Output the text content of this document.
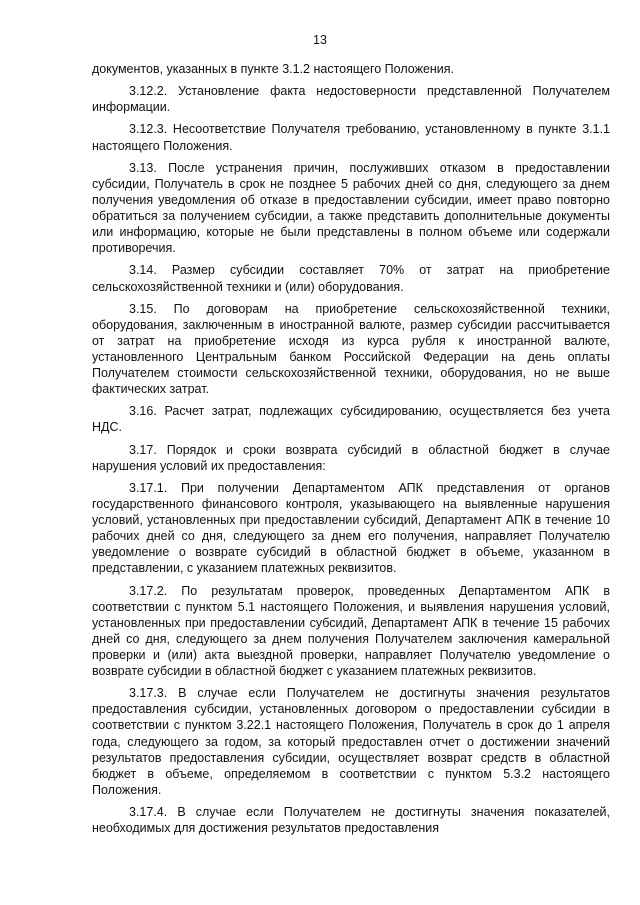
13

документов, указанных в пункте 3.1.2 настоящего Положения.

3.12.2. Установление факта недостоверности представленной Получателем информации.

3.12.3. Несоответствие Получателя требованию, установленному в пункте 3.1.1 настоящего Положения.

3.13. После устранения причин, послуживших отказом в предоставлении субсидии, Получатель в срок не позднее 5 рабочих дней со дня, следующего за днем получения уведомления об отказе в предоставлении субсидии, имеет право повторно обратиться за получением субсидии, а также представить дополнительные документы или информацию, которые не были представлены в полном объеме или содержали противоречия.

3.14. Размер субсидии составляет 70% от затрат на приобретение сельскохозяйственной техники и (или) оборудования.

3.15. По договорам на приобретение сельскохозяйственной техники, оборудования, заключенным в иностранной валюте, размер субсидии рассчитывается от затрат на приобретение исходя из курса рубля к иностранной валюте, установленного Центральным банком Российской Федерации на день оплаты Получателем стоимости сельскохозяйственной техники, оборудования, но не выше фактических затрат.

3.16. Расчет затрат, подлежащих субсидированию, осуществляется без учета НДС.

3.17. Порядок и сроки возврата субсидий в областной бюджет в случае нарушения условий их предоставления:

3.17.1. При получении Департаментом АПК представления от органов государственного финансового контроля, указывающего на выявленные нарушения условий, установленных при предоставлении субсидий, Департамент АПК в течение 10 рабочих дней со дня, следующего за днем его получения, направляет Получателю уведомление о возврате субсидий в областной бюджет в объеме, указанном в представлении, с указанием платежных реквизитов.

3.17.2. По результатам проверок, проведенных Департаментом АПК в соответствии с пунктом 5.1 настоящего Положения, и выявления нарушения условий, установленных при предоставлении субсидий, Департамент АПК в течение 15 рабочих дней со дня, следующего за днем получения Получателем заключения камеральной проверки и (или) акта выездной проверки, направляет Получателю уведомление о возврате субсидии в областной бюджет с указанием платежных реквизитов.

3.17.3. В случае если Получателем не достигнуты значения результатов предоставления субсидии, установленных договором о предоставлении субсидии в соответствии с пунктом 3.22.1 настоящего Положения, Получатель в срок до 1 апреля года, следующего за годом, за который предоставлен отчет о достижении значений результатов предоставления субсидии, осуществляет возврат средств в областной бюджет в объеме, определяемом в соответствии с пунктом 5.3.2 настоящего Положения.

3.17.4. В случае если Получателем не достигнуты значения показателей, необходимых для достижения результатов предоставления
